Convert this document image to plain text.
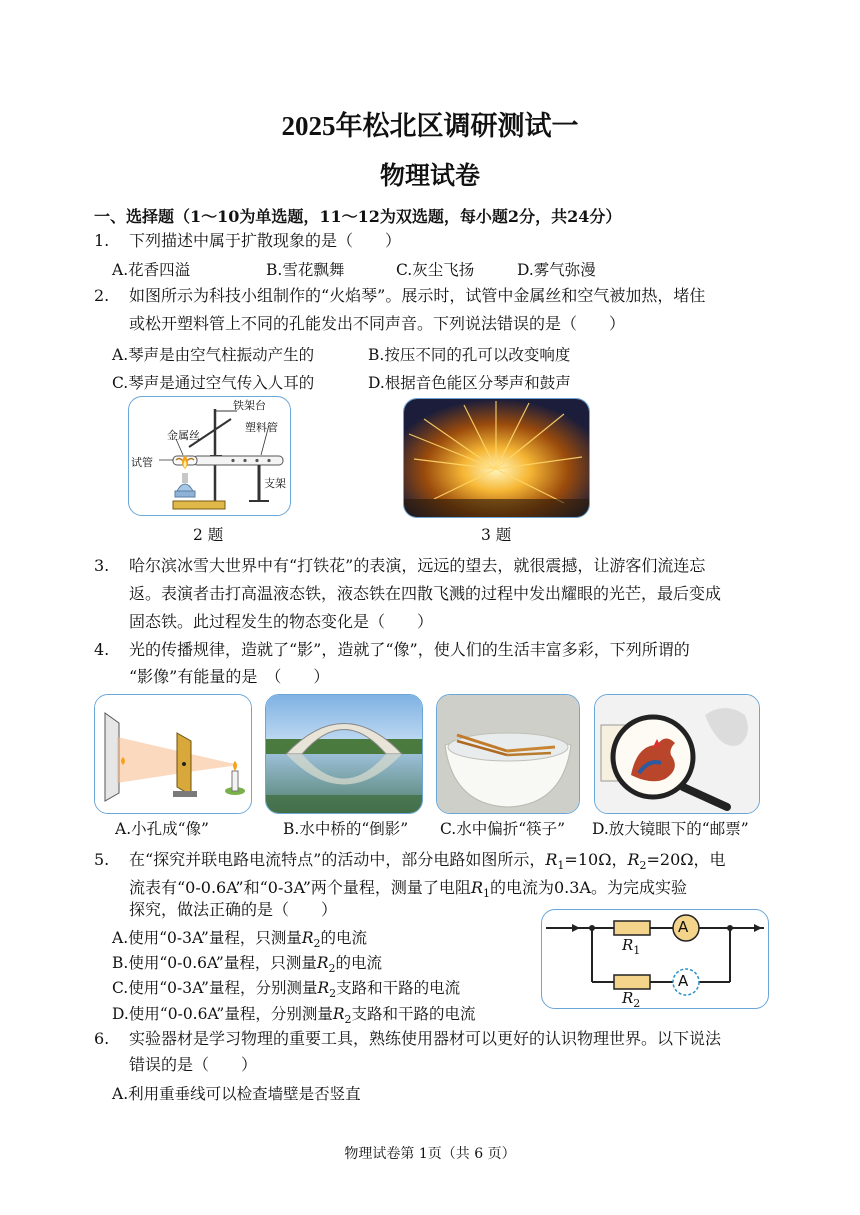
2025年松北区调研测试一
物理试卷
一、选择题（1～10为单选题，11～12为双选题，每小题2分，共24分）
1. 下列描述中属于扩散现象的是（　　）
A.花香四溢	B.雪花飘舞	C.灰尘飞扬	D.雾气弥漫
2. 如图所示为科技小组制作的“火焰琴”。展示时，试管中金属丝和空气被加热，堵住
或松开塑料管上不同的孔能发出不同声音。下列说法错误的是（　　）
A.琴声是由空气柱振动产生的	B.按压不同的孔可以改变响度
C.琴声是通过空气传入人耳的	D.根据音色能区分琴声和鼓声
铁架台
金属丝
塑料管
试管
支架
2 题	3 题
3. 哈尔滨冰雪大世界中有“打铁花”的表演，远远的望去，就很震撼，让游客们流连忘
返。表演者击打高温液态铁，液态铁在四散飞溅的过程中发出耀眼的光芒，最后变成
固态铁。此过程发生的物态变化是（　　）
4. 光的传播规律，造就了“影”，造就了“像”，使人们的生活丰富多彩，下列所谓的
“影像”有能量的是　（　　）
A.小孔成“像”	B.水中桥的“倒影” C.水中偏折“筷子” D.放大镜眼下的“邮票”
5. 在“探究并联电路电流特点”的活动中，部分电路如图所示，$R_1=10\Omega$，$R_2=20\Omega$，电
流表有“0-0.6A”和“0-3A”两个量程，测量了电阻$R_1$的电流为0.3A。为完成实验
探究，做法正确的是（　　）
A.使用“0-3A”量程，只测量$R_2$的电流
B.使用“0-0.6A”量程，只测量$R_2$的电流
C.使用“0-3A”量程，分别测量$R_2$支路和干路的电流
D.使用“0-0.6A”量程，分别测量$R_2$支路和干路的电流
A
A
$R_1$
$R_2$
6. 实验器材是学习物理的重要工具，熟练使用器材可以更好的认识物理世界。以下说法
错误的是（　　）
A.利用重垂线可以检查墙壁是否竖直
物理试卷第 1页（共 6 页）
